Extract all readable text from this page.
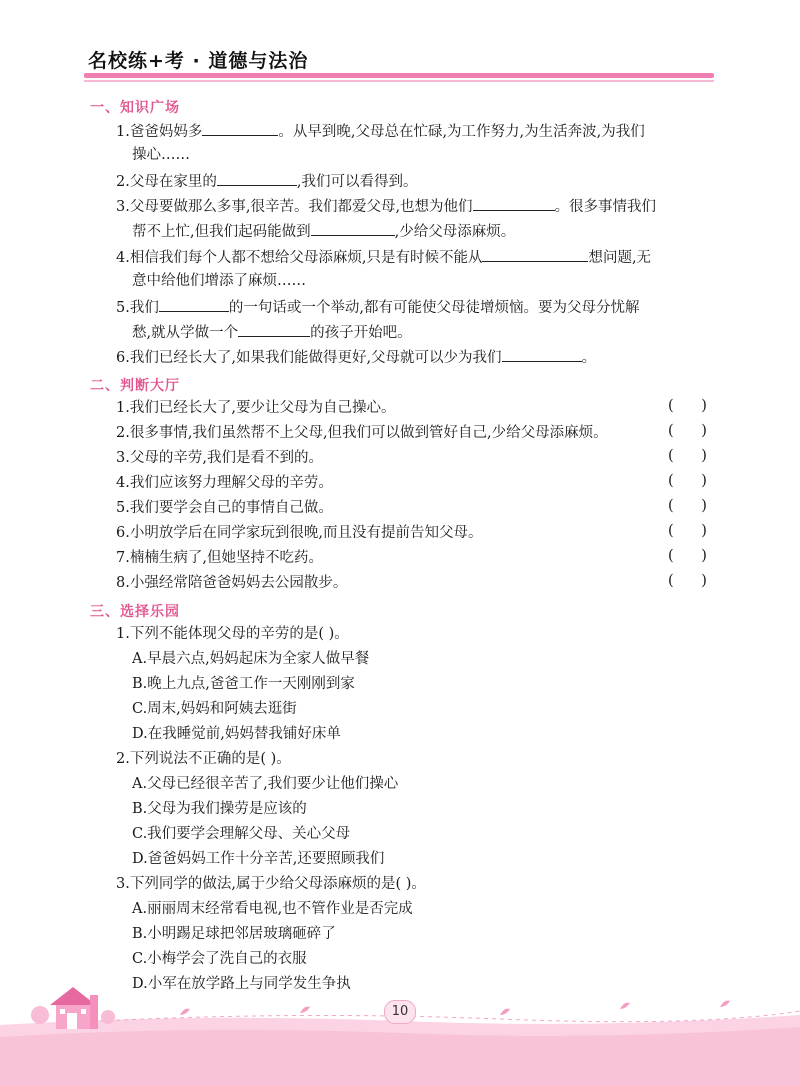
名校练+考 · 道德与法治
一、知识广场
1.爸爸妈妈多	。从早到晚,父母总在忙碌,为工作努力,为生活奔波,为我们
操心……
2.父母在家里的	,我们可以看得到。
3.父母要做那么多事,很辛苦。我们都爱父母,也想为他们	。很多事情我们
帮不上忙,但我们起码能做到	,少给父母添麻烦。
4.相信我们每个人都不想给父母添麻烦,只是有时候不能从	想问题,无
意中给他们增添了麻烦……
5.我们	的一句话或一个举动,都有可能使父母徒增烦恼。要为父母分忧解
愁,就从学做一个	的孩子开始吧。
6.我们已经长大了,如果我们能做得更好,父母就可以少为我们	。
二、判断大厅
1.我们已经长大了,要少让父母为自己操心。	(      )
2.很多事情,我们虽然帮不上父母,但我们可以做到管好自己,少给父母添麻烦。	(      )
3.父母的辛劳,我们是看不到的。	(      )
4.我们应该努力理解父母的辛劳。	(      )
5.我们要学会自己的事情自己做。	(      )
6.小明放学后在同学家玩到很晚,而且没有提前告知父母。	(      )
7.楠楠生病了,但她坚持不吃药。	(      )
8.小强经常陪爸爸妈妈去公园散步。	(      )
三、选择乐园
1.下列不能体现父母的辛劳的是( )。
A.早晨六点,妈妈起床为全家人做早餐
B.晚上九点,爸爸工作一天刚刚到家
C.周末,妈妈和阿姨去逛街
D.在我睡觉前,妈妈替我铺好床单
2.下列说法不正确的是( )。
A.父母已经很辛苦了,我们要少让他们操心
B.父母为我们操劳是应该的
C.我们要学会理解父母、关心父母
D.爸爸妈妈工作十分辛苦,还要照顾我们
3.下列同学的做法,属于少给父母添麻烦的是( )。
A.丽丽周末经常看电视,也不管作业是否完成
B.小明踢足球把邻居玻璃砸碎了
C.小梅学会了洗自己的衣服
D.小军在放学路上与同学发生争执
10
